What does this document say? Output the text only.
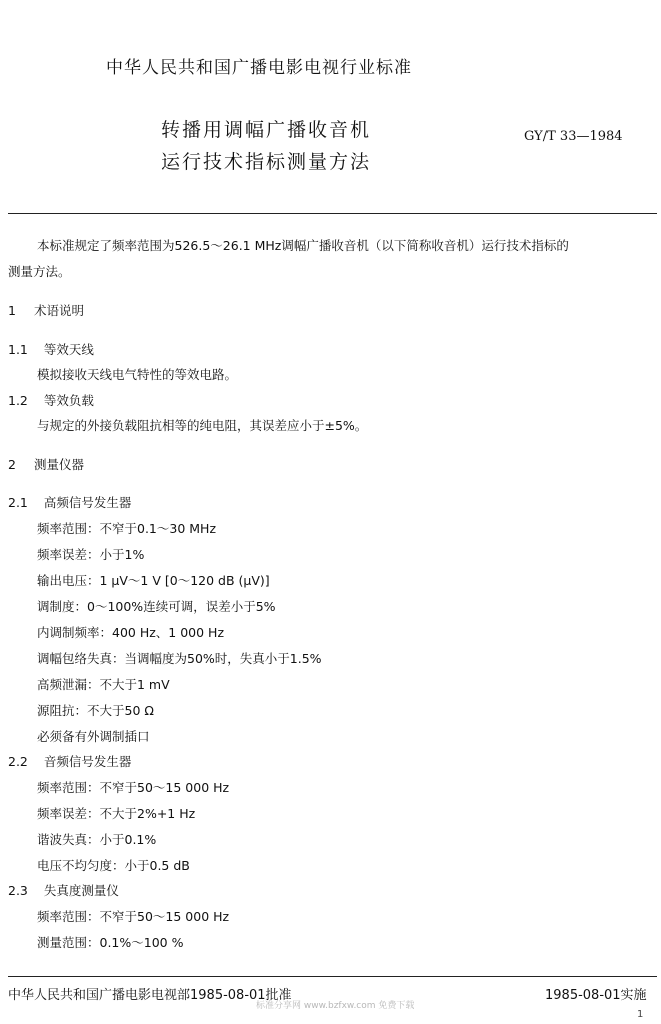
中华人民共和国广播电影电视行业标准
转播用调幅广播收音机
运行技术指标测量方法
GY/T 33—1984
本标准规定了频率范围为526.5～26.1 MHz调幅广播收音机（以下简称收音机）运行技术指标的
测量方法。
1 术语说明
1.1 等效天线
模拟接收天线电气特性的等效电路。
1.2 等效负载
与规定的外接负载阻抗相等的纯电阻，其误差应小于±5%。
2 测量仪器
2.1 高频信号发生器
频率范围：不窄于0.1～30 MHz
频率误差：小于1%
输出电压：1 μV～1 V [0～120 dB (μV)]
调制度：0～100%连续可调，误差小于5%
内调制频率：400 Hz、1 000 Hz
调幅包络失真：当调幅度为50%时，失真小于1.5%
高频泄漏：不大于1 mV
源阻抗：不大于50 Ω
必须备有外调制插口
2.2 音频信号发生器
频率范围：不窄于50～15 000 Hz
频率误差：不大于2%+1 Hz
谐波失真：小于0.1%
电压不均匀度：小于0.5 dB
2.3 失真度测量仪
频率范围：不窄于50～15 000 Hz
测量范围：0.1%～100 %
中华人民共和国广播电影电视部1985-08-01批准	1985-08-01实施
标准分享网 www.bzfxw.com 免费下载
1
